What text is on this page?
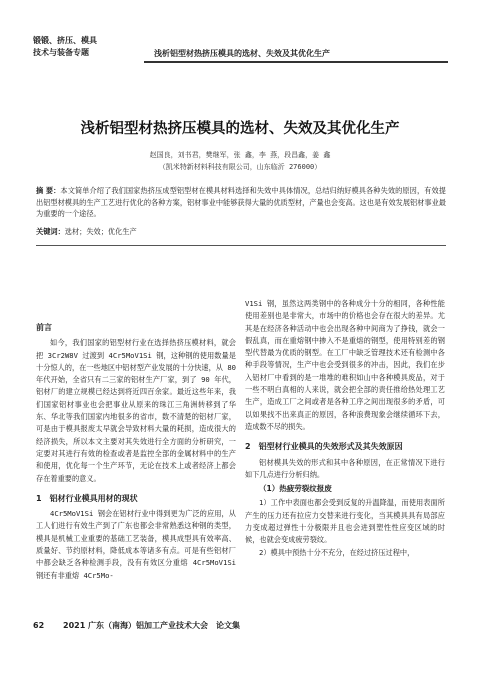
锻锻、挤压、模具
技术与装备专题	浅析铝型材热挤压模具的选材、失效及其优化生产
浅析铝型材热挤压模具的选材、失效及其优化生产
赵国良，刘书君，樊继军，张 鑫，李 燕，段昌鑫，姜 鑫
（凯米特新材料科技有限公司，山东临沂 276000）
摘 要：本文简单介绍了我们国家热挤压成型铝型材在模具材料选择和失效中具体情况，总结归纳好模具各种失效的原因，有效提出铝型材模具的生产工艺进行优化的各种方案，铝材事业中能够获得大量的优质型材，产量也会变高。这也是有效发展铝材事业最为重要的一个途径。
关键词：选材；失效；优化生产
前言

如今，我们国家的铝型材行业在选择热挤压模材料，就会把 3Cr2W8V 过渡到 4Cr5MoV1Si 钢，这种钢的使用数量是十分惊人的，在一些地区中铝材型产业发展的十分快速，从 80 年代开始，全省只有二三家的铝材生产厂家，到了 90 年代，铝材厂的建立规模已经达到将近四百余家。最近这些年来，我们国家铝材事业也会把事业从原来的珠江三角洲转移到了华东、华北等我们国家内地很多的省市，数不清楚的铝材厂家，可是由于模具报废太早就会导致材料大量的耗损，造成很大的经济损失，所以本文主要对其失效进行全方面的分析研究，一定要对其进行有效的检查或者是监控全部的金属材料中的生产和使用，优化每一个生产环节，无论在技术上或者经济上都会存在着重要的意义。

1　铝材行业模具用材的现状

4Cr5MoV1Si 钢会在铝材行业中得到更为广泛的应用，从工人们进行有效生产到了广东也都会非常熟悉这种钢的类型，模具是机械工业重要的基础工艺装备，模具成型具有效率高、质量好、节约原材料，降低成本等诸多有点。可是有些铝材厂中都会缺乏各种检测手段，没有有效区分重熔 4Cr5MoV1Si 钢还有非重熔 4Cr5Mo-

V1Si 钢，虽然这两类钢中的各种成分十分的相同，各种性能使用差别也是非常大，市场中的价格也会存在很大的差异。尤其是在经济各种活动中也会出现各种中间商为了挣钱，就会一假乱真，而在重熔钢中掺入不是重熔的钢型，使用特别差的钢型代替最为优质的钢型。在工厂中缺乏管理技术还有检测中各种手段等情况，生产中也会受到很多的冲击，因此，我们在步入铝材厂中看到的是一堆堆的难积如山中各种模具废品，对于一些不明白真相的人来说，就会把全部的责任推给热处理工艺生产，造成工厂之间或者是各种工序之间出现很多的矛盾，可以如果找不出来真正的原因，各种浪费现象会继续循环下去，造成数不尽的损失。

2　铝型材行业模具的失效形式及其失效原因

铝材模具失效的形式和其中各种原因，在正常情况下进行如下几点进行分析归纳。

（1）热疲劳裂纹报废

1）工作中表面也都会受到反复的升温降温，而使用表面所产生的压力还有拉应力交替来进行变化，当其模具具有局部应力变成超过弹性十分极限并且也会进到塑性性应变区域的时候，也就会变成疲劳裂纹。

2）模具中预热十分不充分，在经过挤压过程中，

62 2021 广东（南海）铝加工产业技术大会　论文集
